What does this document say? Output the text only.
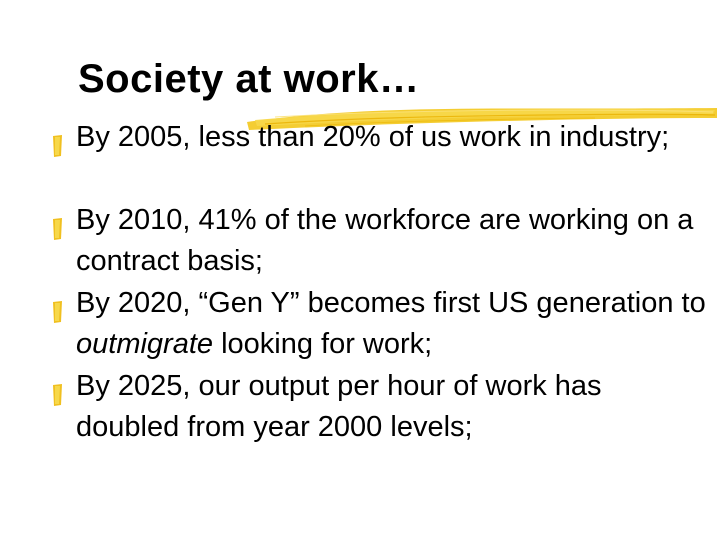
Society at work…
By 2005, less than 20% of us work in industry;
By 2010, 41% of the workforce are working on a contract basis;
By 2020, “Gen Y” becomes first US generation to outmigrate looking for work;
By 2025, our output per hour of work has doubled from year 2000 levels;
